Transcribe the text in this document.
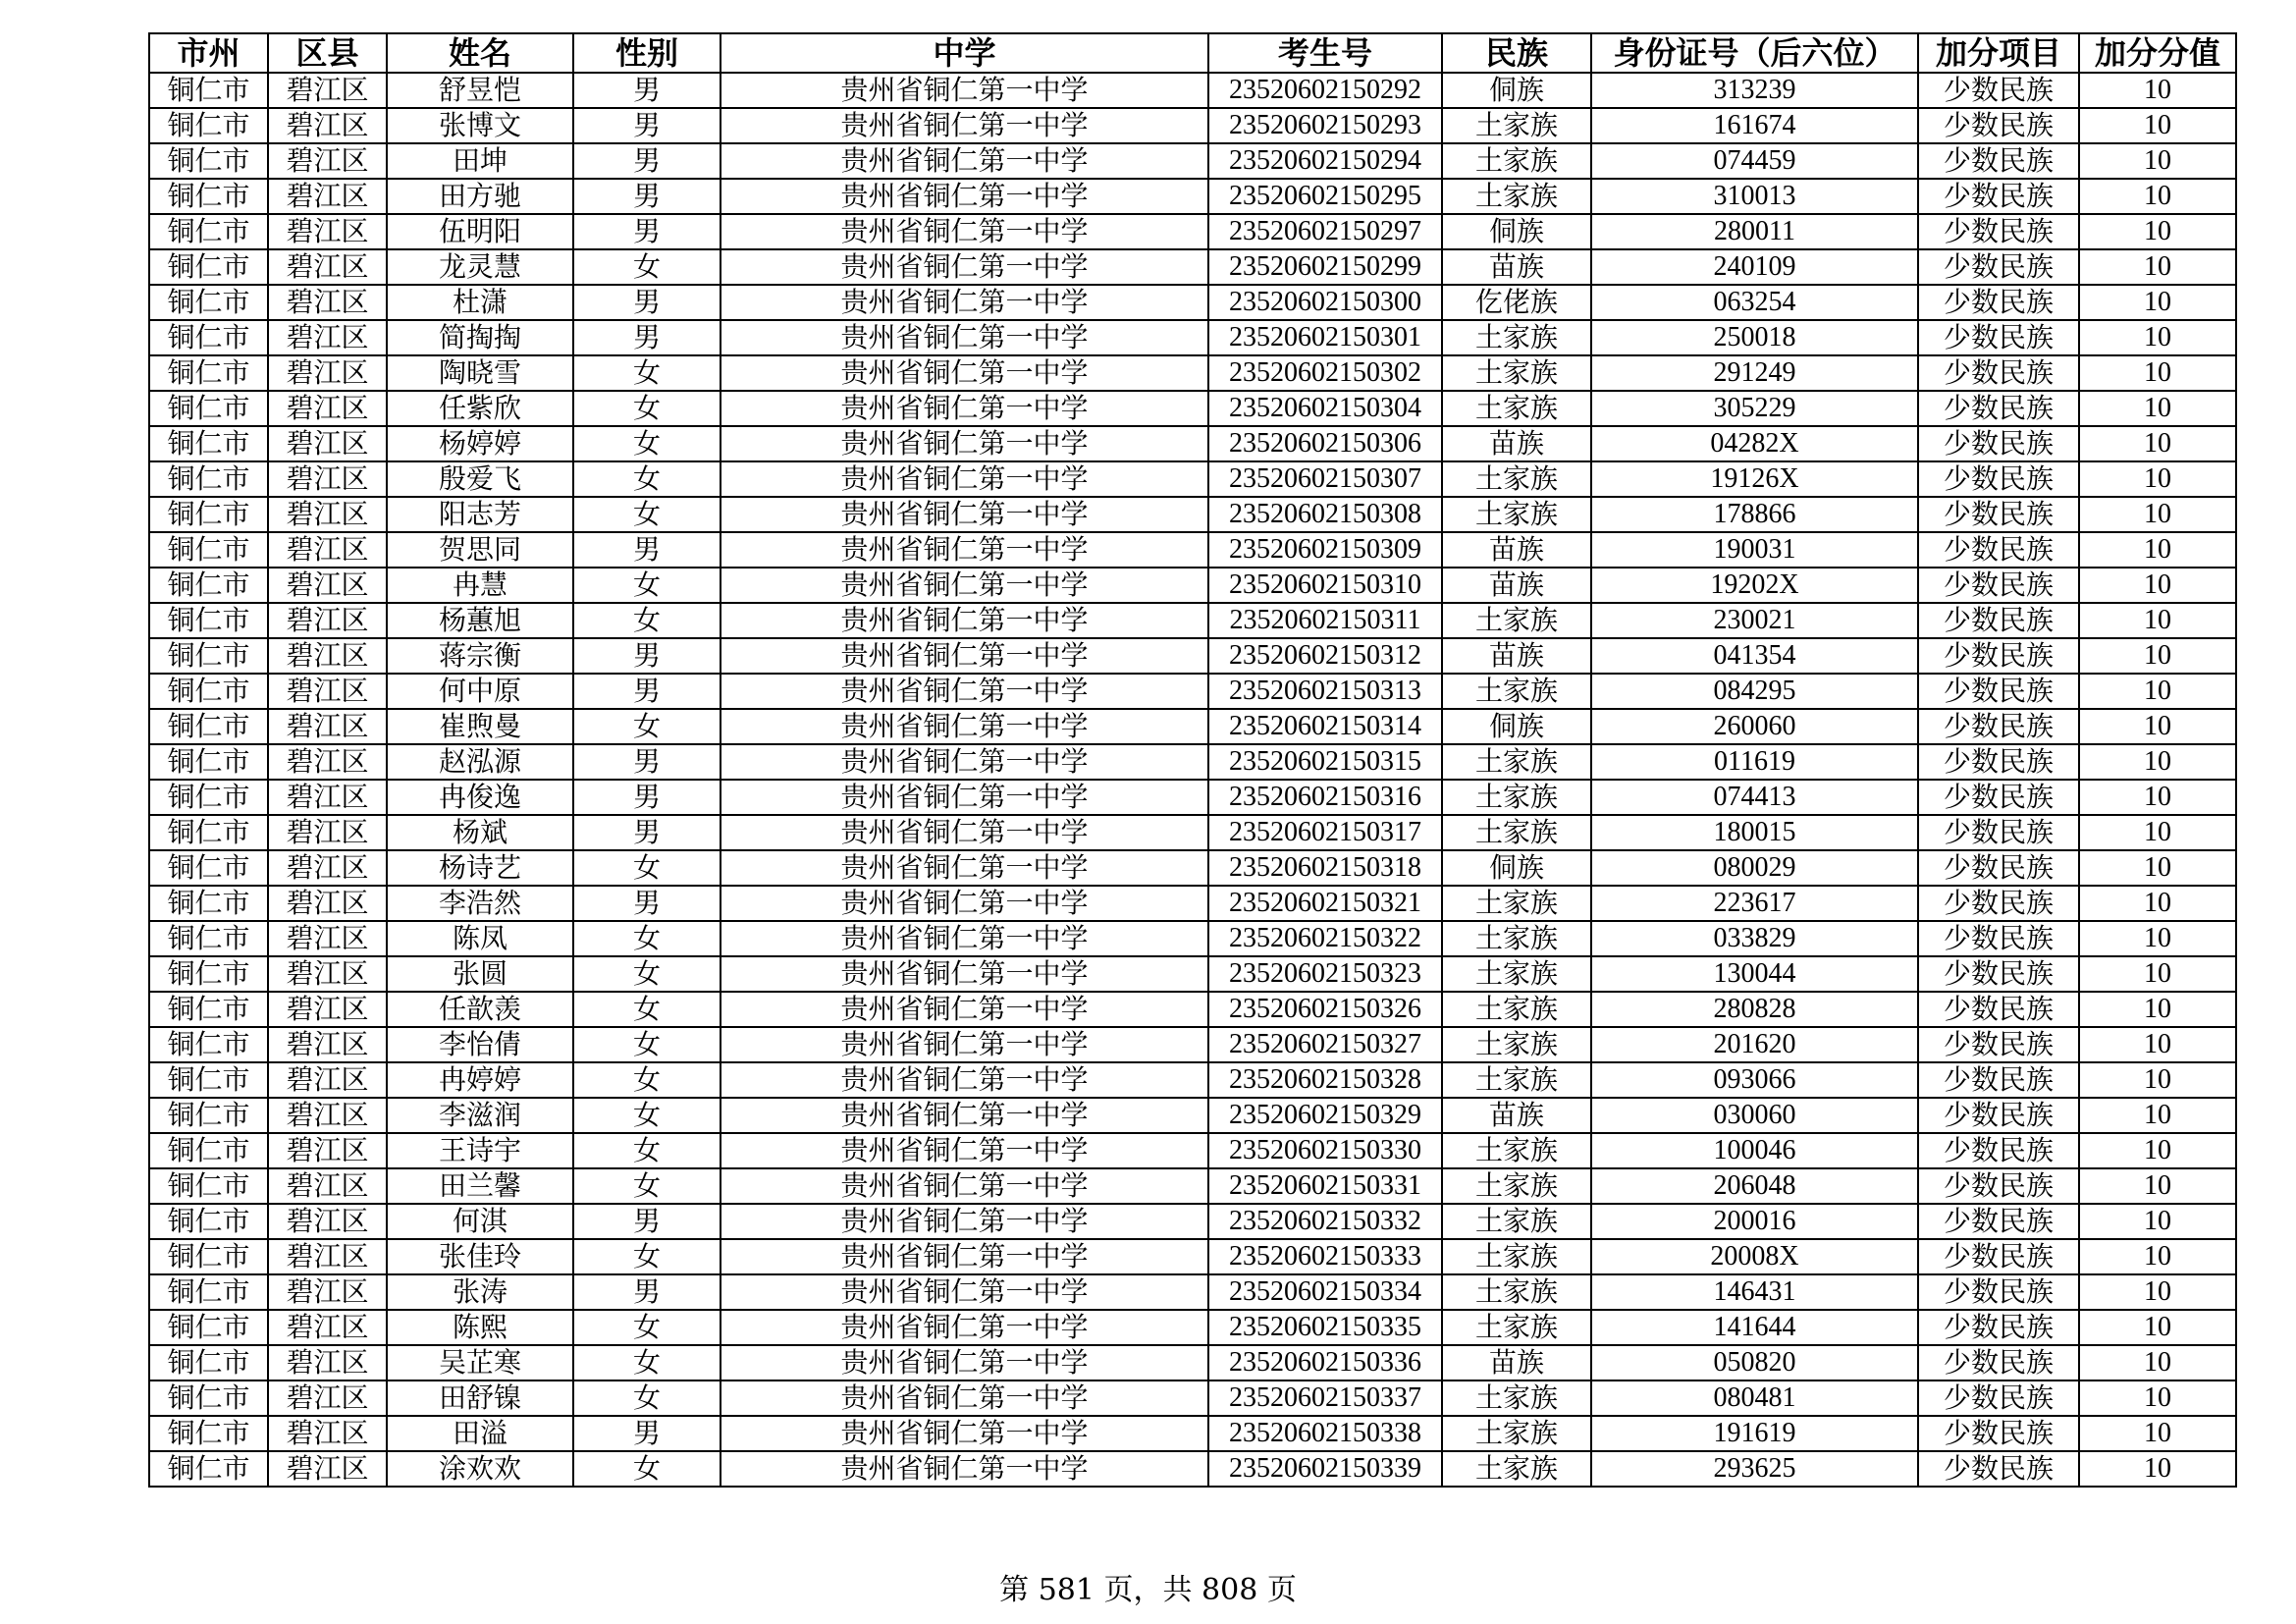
市州	区县	姓名	性别	中学	考生号	民族	身份证号（后六位）	加分项目	加分分值
铜仁市	碧江区	舒昱恺	男	贵州省铜仁第一中学	23520602150292	侗族	313239	少数民族	10
铜仁市	碧江区	张博文	男	贵州省铜仁第一中学	23520602150293	土家族	161674	少数民族	10
铜仁市	碧江区	田坤	男	贵州省铜仁第一中学	23520602150294	土家族	074459	少数民族	10
铜仁市	碧江区	田方驰	男	贵州省铜仁第一中学	23520602150295	土家族	310013	少数民族	10
铜仁市	碧江区	伍明阳	男	贵州省铜仁第一中学	23520602150297	侗族	280011	少数民族	10
铜仁市	碧江区	龙灵慧	女	贵州省铜仁第一中学	23520602150299	苗族	240109	少数民族	10
铜仁市	碧江区	杜潇	男	贵州省铜仁第一中学	23520602150300	仡佬族	063254	少数民族	10
铜仁市	碧江区	简掏掏	男	贵州省铜仁第一中学	23520602150301	土家族	250018	少数民族	10
铜仁市	碧江区	陶晓雪	女	贵州省铜仁第一中学	23520602150302	土家族	291249	少数民族	10
铜仁市	碧江区	任紫欣	女	贵州省铜仁第一中学	23520602150304	土家族	305229	少数民族	10
铜仁市	碧江区	杨婷婷	女	贵州省铜仁第一中学	23520602150306	苗族	04282X	少数民族	10
铜仁市	碧江区	殷爱飞	女	贵州省铜仁第一中学	23520602150307	土家族	19126X	少数民族	10
铜仁市	碧江区	阳志芳	女	贵州省铜仁第一中学	23520602150308	土家族	178866	少数民族	10
铜仁市	碧江区	贺思同	男	贵州省铜仁第一中学	23520602150309	苗族	190031	少数民族	10
铜仁市	碧江区	冉慧	女	贵州省铜仁第一中学	23520602150310	苗族	19202X	少数民族	10
铜仁市	碧江区	杨蕙旭	女	贵州省铜仁第一中学	23520602150311	土家族	230021	少数民族	10
铜仁市	碧江区	蒋宗衡	男	贵州省铜仁第一中学	23520602150312	苗族	041354	少数民族	10
铜仁市	碧江区	何中原	男	贵州省铜仁第一中学	23520602150313	土家族	084295	少数民族	10
铜仁市	碧江区	崔煦曼	女	贵州省铜仁第一中学	23520602150314	侗族	260060	少数民族	10
铜仁市	碧江区	赵泓源	男	贵州省铜仁第一中学	23520602150315	土家族	011619	少数民族	10
铜仁市	碧江区	冉俊逸	男	贵州省铜仁第一中学	23520602150316	土家族	074413	少数民族	10
铜仁市	碧江区	杨斌	男	贵州省铜仁第一中学	23520602150317	土家族	180015	少数民族	10
铜仁市	碧江区	杨诗艺	女	贵州省铜仁第一中学	23520602150318	侗族	080029	少数民族	10
铜仁市	碧江区	李浩然	男	贵州省铜仁第一中学	23520602150321	土家族	223617	少数民族	10
铜仁市	碧江区	陈凤	女	贵州省铜仁第一中学	23520602150322	土家族	033829	少数民族	10
铜仁市	碧江区	张圆	女	贵州省铜仁第一中学	23520602150323	土家族	130044	少数民族	10
铜仁市	碧江区	任歆羡	女	贵州省铜仁第一中学	23520602150326	土家族	280828	少数民族	10
铜仁市	碧江区	李怡倩	女	贵州省铜仁第一中学	23520602150327	土家族	201620	少数民族	10
铜仁市	碧江区	冉婷婷	女	贵州省铜仁第一中学	23520602150328	土家族	093066	少数民族	10
铜仁市	碧江区	李滋润	女	贵州省铜仁第一中学	23520602150329	苗族	030060	少数民族	10
铜仁市	碧江区	王诗宇	女	贵州省铜仁第一中学	23520602150330	土家族	100046	少数民族	10
铜仁市	碧江区	田兰馨	女	贵州省铜仁第一中学	23520602150331	土家族	206048	少数民族	10
铜仁市	碧江区	何淇	男	贵州省铜仁第一中学	23520602150332	土家族	200016	少数民族	10
铜仁市	碧江区	张佳玲	女	贵州省铜仁第一中学	23520602150333	土家族	20008X	少数民族	10
铜仁市	碧江区	张涛	男	贵州省铜仁第一中学	23520602150334	土家族	146431	少数民族	10
铜仁市	碧江区	陈熙	女	贵州省铜仁第一中学	23520602150335	土家族	141644	少数民族	10
铜仁市	碧江区	吴芷寒	女	贵州省铜仁第一中学	23520602150336	苗族	050820	少数民族	10
铜仁市	碧江区	田舒镍	女	贵州省铜仁第一中学	23520602150337	土家族	080481	少数民族	10
铜仁市	碧江区	田溢	男	贵州省铜仁第一中学	23520602150338	土家族	191619	少数民族	10
铜仁市	碧江区	涂欢欢	女	贵州省铜仁第一中学	23520602150339	土家族	293625	少数民族	10
第 581 页，共 808 页
